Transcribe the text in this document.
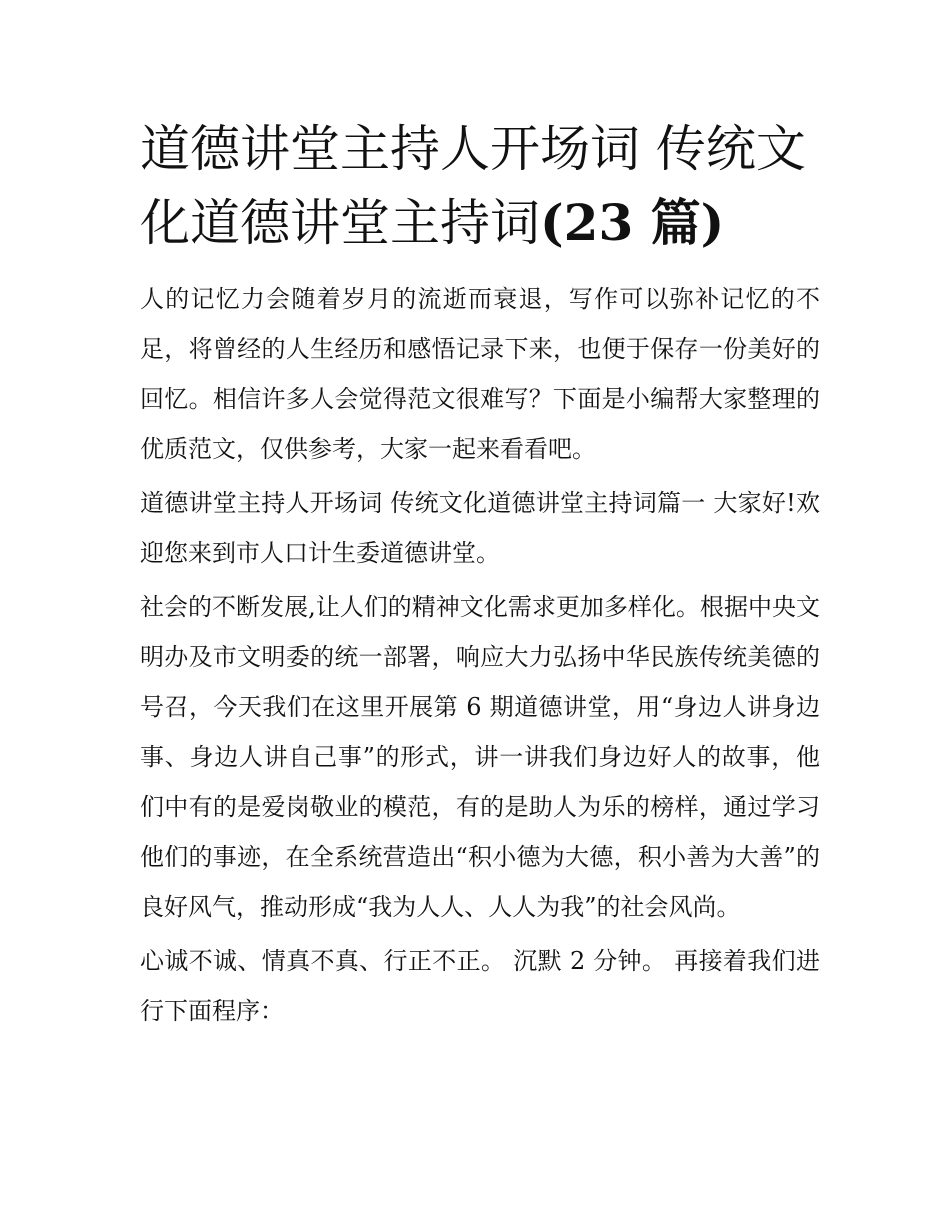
道德讲堂主持人开场词 传统文化道德讲堂主持词(23 篇)

人的记忆力会随着岁月的流逝而衰退，写作可以弥补记忆的不足，将曾经的人生经历和感悟记录下来，也便于保存一份美好的回忆。相信许多人会觉得范文很难写？下面是小编帮大家整理的优质范文，仅供参考，大家一起来看看吧。

道德讲堂主持人开场词 传统文化道德讲堂主持词篇一 大家好!欢迎您来到市人口计生委道德讲堂。

社会的不断发展,让人们的精神文化需求更加多样化。根据中央文明办及市文明委的统一部署，响应大力弘扬中华民族传统美德的号召，今天我们在这里开展第 6 期道德讲堂，用“身边人讲身边事、身边人讲自己事”的形式，讲一讲我们身边好人的故事，他们中有的是爱岗敬业的模范，有的是助人为乐的榜样，通过学习他们的事迹，在全系统营造出“积小德为大德，积小善为大善”的良好风气，推动形成“我为人人、人人为我”的社会风尚。

心诚不诚、情真不真、行正不正。 沉默 2 分钟。 再接着我们进行下面程序：
